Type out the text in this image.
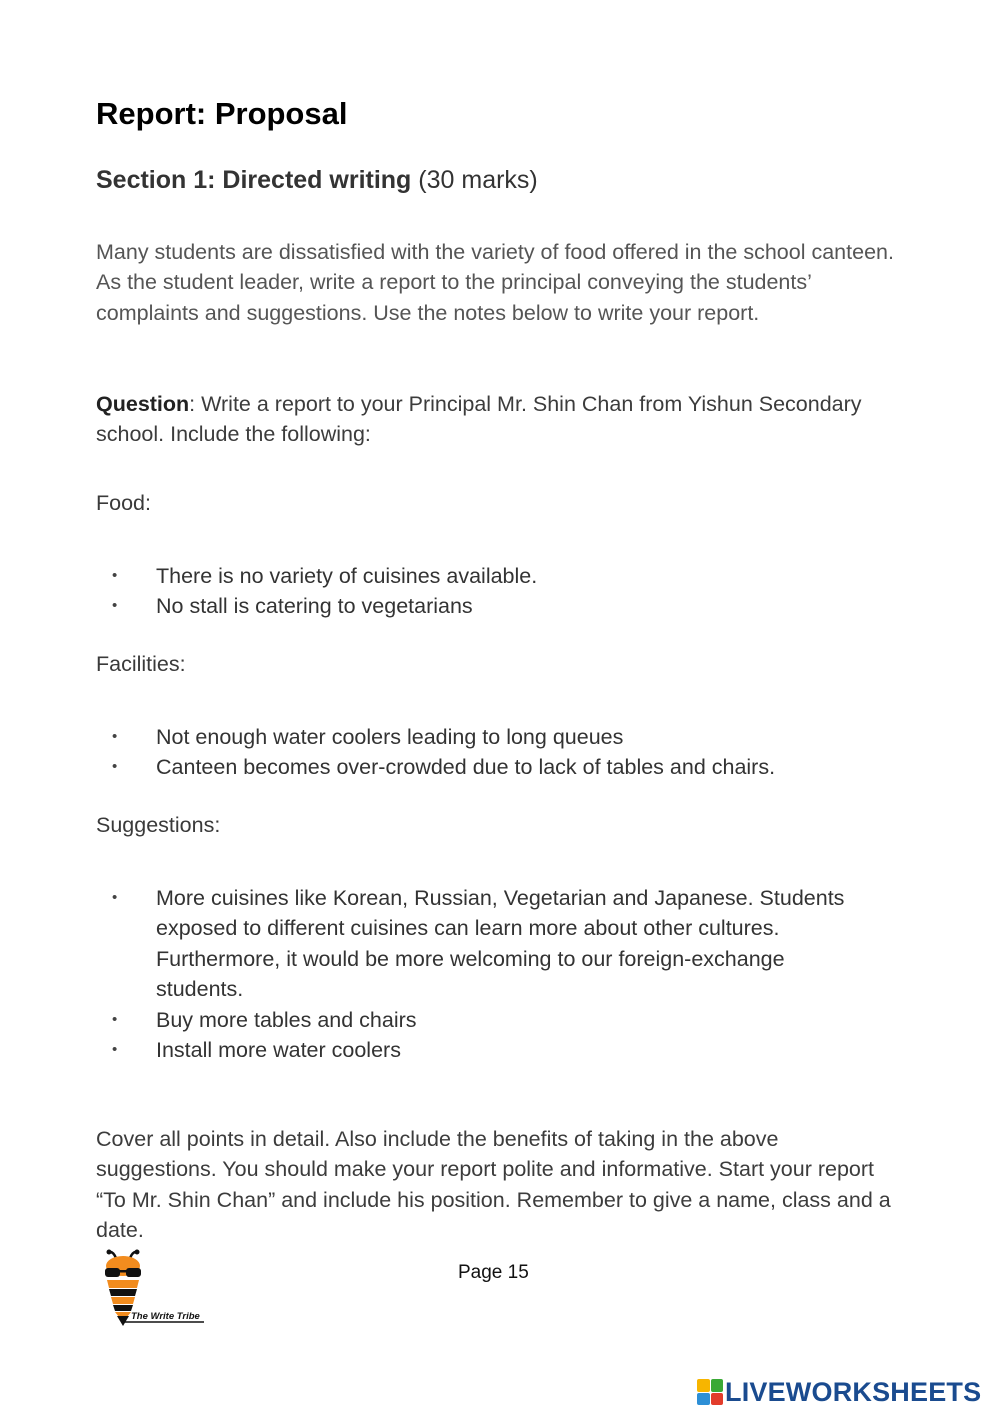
Report: Proposal
Section 1: Directed writing (30 marks)
Many students are dissatisfied with the variety of food offered in the school canteen. As the student leader, write a report to the principal conveying the students’ complaints and suggestions. Use the notes below to write your report.
Question: Write a report to your Principal Mr. Shin Chan from Yishun Secondary school. Include the following:
Food:
• There is no variety of cuisines available.
• No stall is catering to vegetarians
Facilities:
• Not enough water coolers leading to long queues
• Canteen becomes over-crowded due to lack of tables and chairs.
Suggestions:
• More cuisines like Korean, Russian, Vegetarian and Japanese. Students exposed to different cuisines can learn more about other cultures. Furthermore, it would be more welcoming to our foreign-exchange students.
• Buy more tables and chairs
• Install more water coolers
Cover all points in detail. Also include the benefits of taking in the above suggestions. You should make your report polite and informative. Start your report “To Mr. Shin Chan” and include his position. Remember to give a name, class and a date.
The Write Tribe
Page 15
LIVEWORKSHEETS
